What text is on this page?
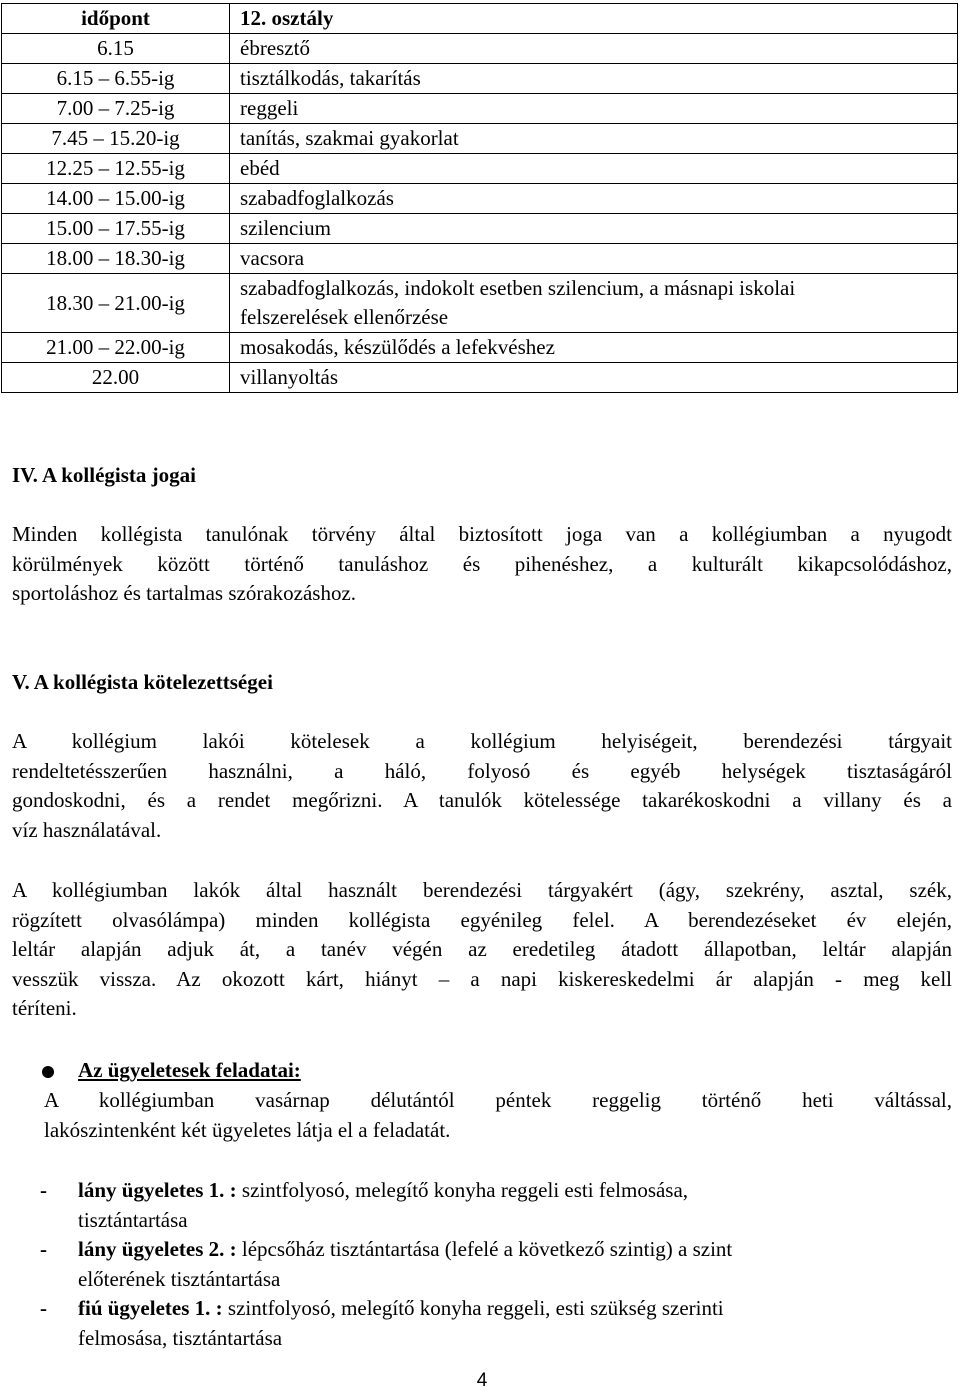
időpont	12. osztály
6.15	ébresztő
6.15 – 6.55-ig	tisztálkodás, takarítás
7.00 – 7.25-ig	reggeli
7.45 – 15.20-ig	tanítás, szakmai gyakorlat
12.25 – 12.55-ig	ebéd
14.00 – 15.00-ig	szabadfoglalkozás
15.00 – 17.55-ig	szilencium
18.00 – 18.30-ig	vacsora
18.30 – 21.00-ig	szabadfoglalkozás, indokolt esetben szilencium, a másnapi iskolai
felszerelések ellenőrzése

21.00 – 22.00-ig	mosakodás, készülődés a lefekvéshez
22.00	villanyoltás
IV. A kollégista jogai
Minden kollégista tanulónak törvény által biztosított joga van a kollégiumban a nyugodt
körülmények között történő tanuláshoz és pihenéshez, a kulturált kikapcsolódáshoz,
sportoláshoz és tartalmas szórakozáshoz.
V. A kollégista kötelezettségei
A kollégium lakói kötelesek a kollégium helyiségeit, berendezési tárgyait
rendeltetésszerűen használni, a háló, folyosó és egyéb helységek tisztaságáról
gondoskodni, és a rendet megőrizni. A tanulók kötelessége takarékoskodni a villany és a
víz használatával.
A kollégiumban lakók által használt berendezési tárgyakért (ágy, szekrény, asztal, szék,
rögzített olvasólámpa) minden kollégista egyénileg felel. A berendezéseket év elején,
leltár alapján adjuk át, a tanév végén az eredetileg átadott állapotban, leltár alapján
vesszük vissza. Az okozott kárt, hiányt – a napi kiskereskedelmi ár alapján - meg kell
téríteni.
Az ügyeletesek feladatai:
A kollégiumban vasárnap délutántól péntek reggelig történő heti váltással,
lakószintenként két ügyeletes látja el a feladatát.
- lány ügyeletes 1. : szintfolyosó, melegítő konyha reggeli esti felmosása,
tisztántartása
- lány ügyeletes 2. : lépcsőház tisztántartása (lefelé a következő szintig) a szint
előterének tisztántartása
- fiú ügyeletes 1. : szintfolyosó, melegítő konyha reggeli, esti szükség szerinti
felmosása, tisztántartása
4
